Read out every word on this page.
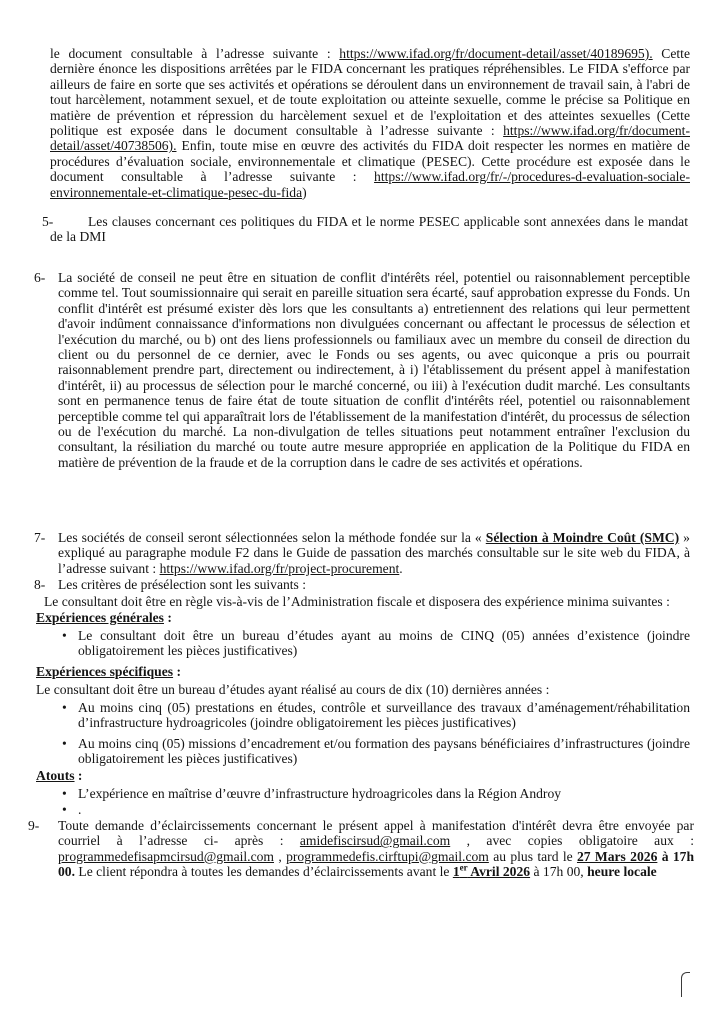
le document consultable à l’adresse suivante : https://www.ifad.org/fr/document-detail/asset/40189695). Cette dernière énonce les dispositions arrêtées par le FIDA concernant les pratiques répréhensibles. Le FIDA s'efforce par ailleurs de faire en sorte que ses activités et opérations se déroulent dans un environnement de travail sain, à l'abri de tout harcèlement, notamment sexuel, et de toute exploitation ou atteinte sexuelle, comme le précise sa Politique en matière de prévention et répression du harcèlement sexuel et de l'exploitation et des atteintes sexuelles (Cette politique est exposée dans le document consultable à l’adresse suivante : https://www.ifad.org/fr/document-detail/asset/40738506). Enfin, toute mise en œuvre des activités du FIDA doit respecter les normes en matière de procédures d’évaluation sociale, environnementale et climatique (PESEC). Cette procédure est exposée dans le document consultable à l’adresse suivante : https://www.ifad.org/fr/-/procedures-d-evaluation-sociale-environnementale-et-climatique-pesec-du-fida)

5-	Les clauses concernant ces politiques du FIDA et le norme PESEC applicable sont annexées dans le mandat de la DMI

6- La société de conseil ne peut être en situation de conflit d'intérêts réel, potentiel ou raisonnablement perceptible comme tel. Tout soumissionnaire qui serait en pareille situation sera écarté, sauf approbation expresse du Fonds. Un conflit d'intérêt est présumé exister dès lors que les consultants a) entretiennent des relations qui leur permettent d'avoir indûment connaissance d'informations non divulguées concernant ou affectant le processus de sélection et l'exécution du marché, ou b) ont des liens professionnels ou familiaux avec un membre du conseil de direction du client ou du personnel de ce dernier, avec le Fonds ou ses agents, ou avec quiconque a pris ou pourrait raisonnablement prendre part, directement ou indirectement, à i) l'établissement du présent appel à manifestation d'intérêt, ii) au processus de sélection pour le marché concerné, ou iii) à l'exécution dudit marché. Les consultants sont en permanence tenus de faire état de toute situation de conflit d'intérêts réel, potentiel ou raisonnablement perceptible comme tel qui apparaîtrait lors de l'établissement de la manifestation d'intérêt, du processus de sélection ou de l'exécution du marché. La non-divulgation de telles situations peut notamment entraîner l'exclusion du consultant, la résiliation du marché ou toute autre mesure appropriée en application de la Politique du FIDA en matière de prévention de la fraude et de la corruption dans le cadre de ses activités et opérations.

7- Les sociétés de conseil seront sélectionnées selon la méthode fondée sur la « Sélection à Moindre Coût (SMC) » expliqué au paragraphe module F2 dans le Guide de passation des marchés consultable sur le site web du FIDA, à l’adresse suivant : https://www.ifad.org/fr/project-procurement.

8- Les critères de présélection sont les suivants :

Le consultant doit être en règle vis-à-vis de l’Administration fiscale et disposera des expérience minima suivantes :

Expériences générales :

• Le consultant doit être un bureau d’études ayant au moins de CINQ (05) années d’existence (joindre obligatoirement les pièces justificatives)

Expériences spécifiques :

Le consultant doit être un bureau d’études ayant réalisé au cours de dix (10) dernières années :

• Au moins cinq (05) prestations en études, contrôle et surveillance des travaux d’aménagement/réhabilitation d’infrastructure hydroagricoles (joindre obligatoirement les pièces justificatives)

• Au moins cinq (05) missions d’encadrement et/ou formation des paysans bénéficiaires d’infrastructures (joindre obligatoirement les pièces justificatives)

Atouts :

• L’expérience en maîtrise d’œuvre d’infrastructure hydroagricoles dans la Région Androy

• .

9- Toute demande d’éclaircissements concernant le présent appel à manifestation d'intérêt devra être envoyée par courriel à l’adresse ci- après : amidefiscirsud@gmail.com , avec copies obligatoire aux : programmedefisapmcirsud@gmail.com , programmedefis.cirftupi@gmail.com au plus tard le 27 Mars 2026 à 17h 00. Le client répondra à toutes les demandes d’éclaircissements avant le 1er Avril 2026 à 17h 00, heure locale
